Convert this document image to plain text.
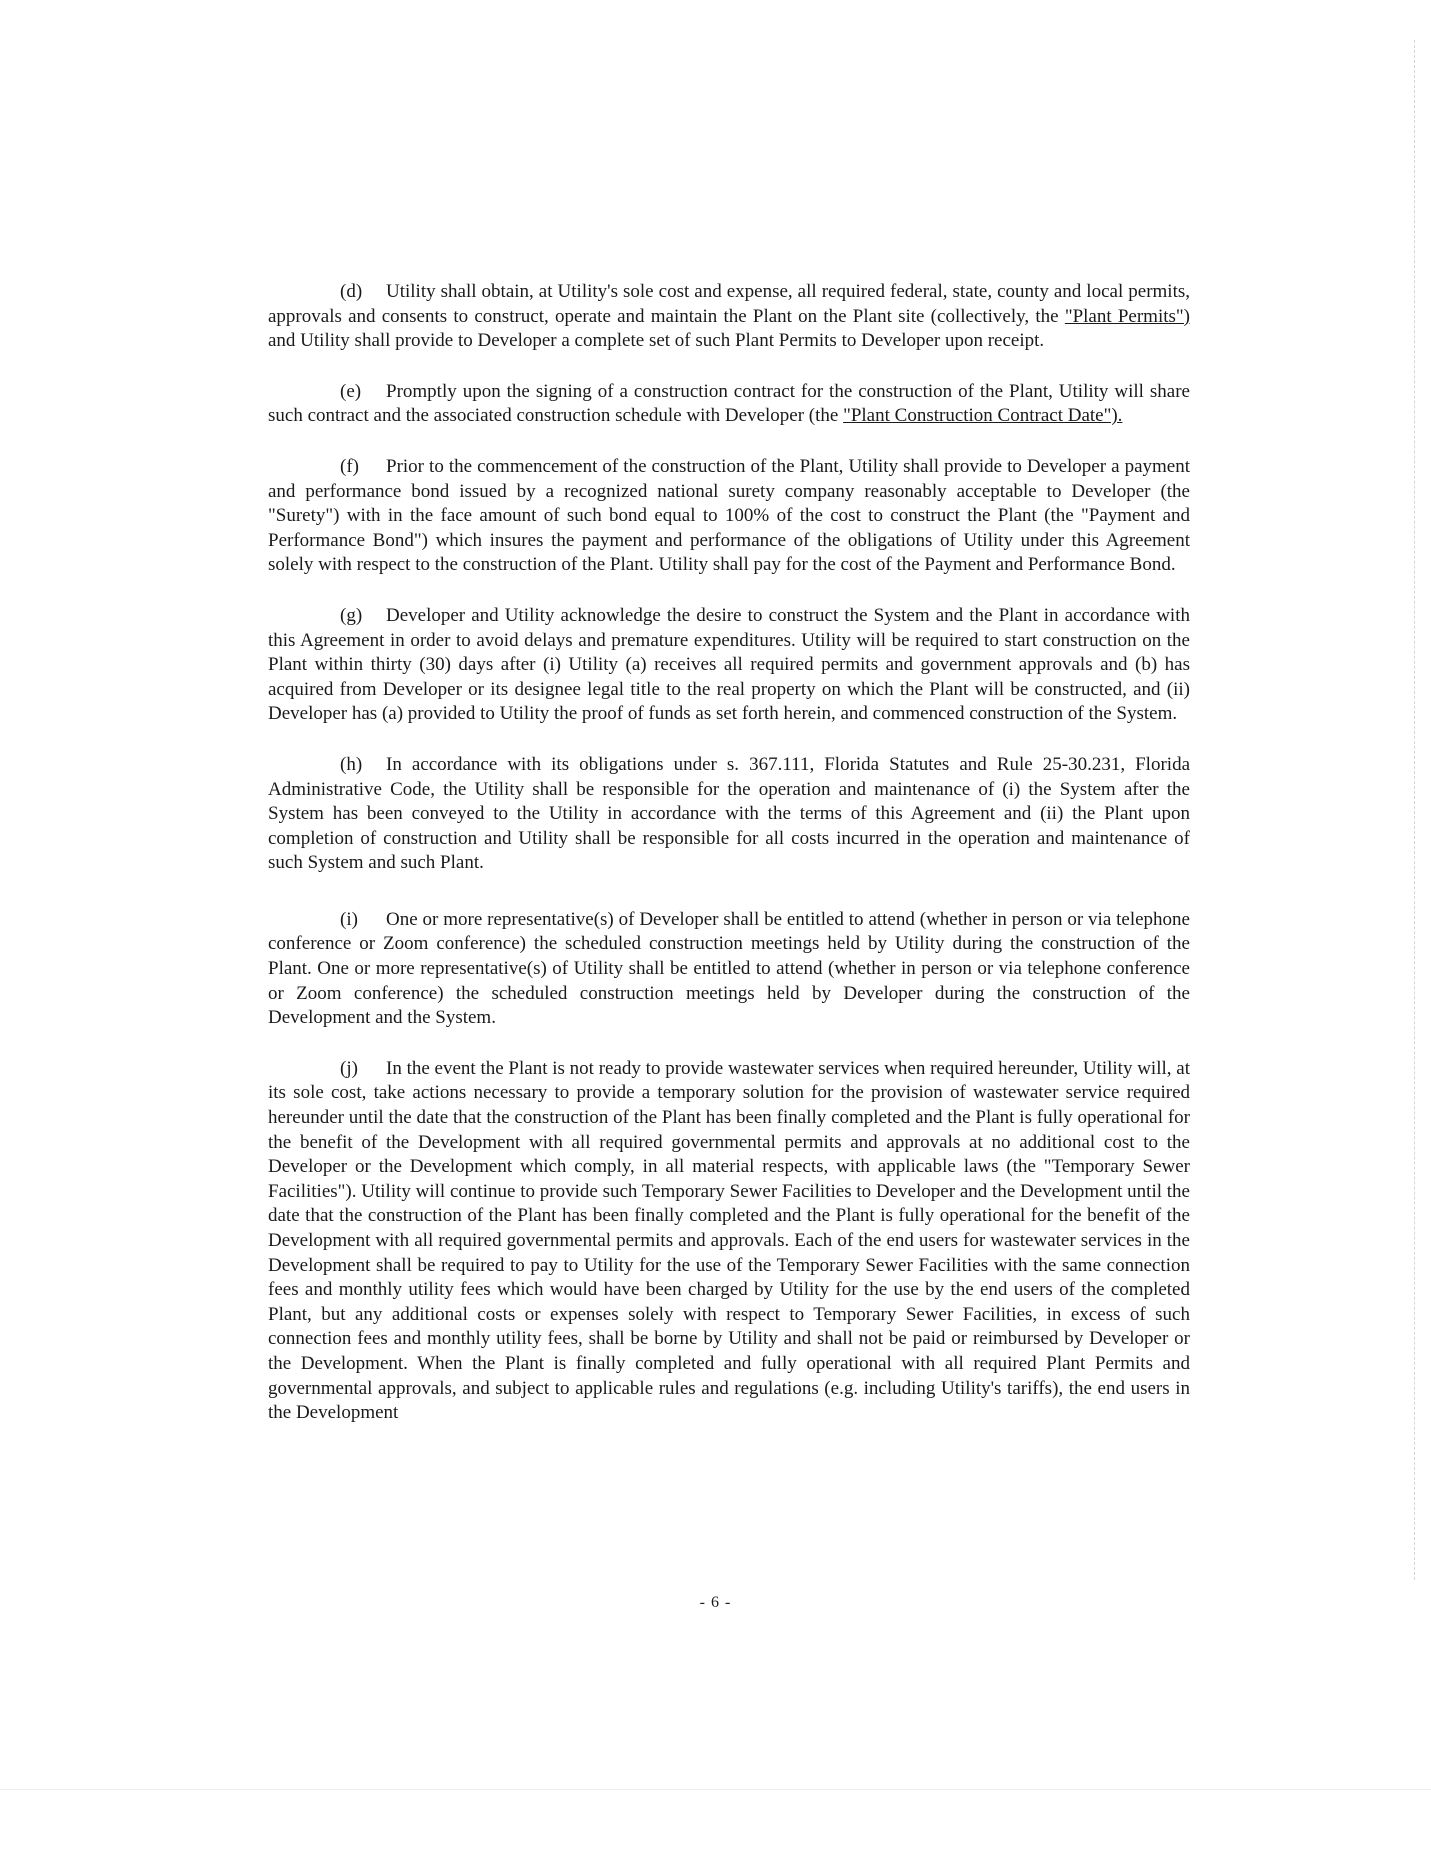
(d) Utility shall obtain, at Utility's sole cost and expense, all required federal, state, county and local permits, approvals and consents to construct, operate and maintain the Plant on the Plant site (collectively, the "Plant Permits") and Utility shall provide to Developer a complete set of such Plant Permits to Developer upon receipt.

(e) Promptly upon the signing of a construction contract for the construction of the Plant, Utility will share such contract and the associated construction schedule with Developer (the "Plant Construction Contract Date").

(f) Prior to the commencement of the construction of the Plant, Utility shall provide to Developer a payment and performance bond issued by a recognized national surety company reasonably acceptable to Developer (the "Surety") with in the face amount of such bond equal to 100% of the cost to construct the Plant (the "Payment and Performance Bond") which insures the payment and performance of the obligations of Utility under this Agreement solely with respect to the construction of the Plant. Utility shall pay for the cost of the Payment and Performance Bond.

(g) Developer and Utility acknowledge the desire to construct the System and the Plant in accordance with this Agreement in order to avoid delays and premature expenditures. Utility will be required to start construction on the Plant within thirty (30) days after (i) Utility (a) receives all required permits and government approvals and (b) has acquired from Developer or its designee legal title to the real property on which the Plant will be constructed, and (ii) Developer has (a) provided to Utility the proof of funds as set forth herein, and commenced construction of the System.

(h) In accordance with its obligations under s. 367.111, Florida Statutes and Rule 25-30.231, Florida Administrative Code, the Utility shall be responsible for the operation and maintenance of (i) the System after the System has been conveyed to the Utility in accordance with the terms of this Agreement and (ii) the Plant upon completion of construction and Utility shall be responsible for all costs incurred in the operation and maintenance of such System and such Plant.

(i) One or more representative(s) of Developer shall be entitled to attend (whether in person or via telephone conference or Zoom conference) the scheduled construction meetings held by Utility during the construction of the Plant. One or more representative(s) of Utility shall be entitled to attend (whether in person or via telephone conference or Zoom conference) the scheduled construction meetings held by Developer during the construction of the Development and the System.

(j) In the event the Plant is not ready to provide wastewater services when required hereunder, Utility will, at its sole cost, take actions necessary to provide a temporary solution for the provision of wastewater service required hereunder until the date that the construction of the Plant has been finally completed and the Plant is fully operational for the benefit of the Development with all required governmental permits and approvals at no additional cost to the Developer or the Development which comply, in all material respects, with applicable laws (the "Temporary Sewer Facilities"). Utility will continue to provide such Temporary Sewer Facilities to Developer and the Development until the date that the construction of the Plant has been finally completed and the Plant is fully operational for the benefit of the Development with all required governmental permits and approvals. Each of the end users for wastewater services in the Development shall be required to pay to Utility for the use of the Temporary Sewer Facilities with the same connection fees and monthly utility fees which would have been charged by Utility for the use by the end users of the completed Plant, but any additional costs or expenses solely with respect to Temporary Sewer Facilities, in excess of such connection fees and monthly utility fees, shall be borne by Utility and shall not be paid or reimbursed by Developer or the Development. When the Plant is finally completed and fully operational with all required Plant Permits and governmental approvals, and subject to applicable rules and regulations (e.g. including Utility's tariffs), the end users in the Development

- 6 -
